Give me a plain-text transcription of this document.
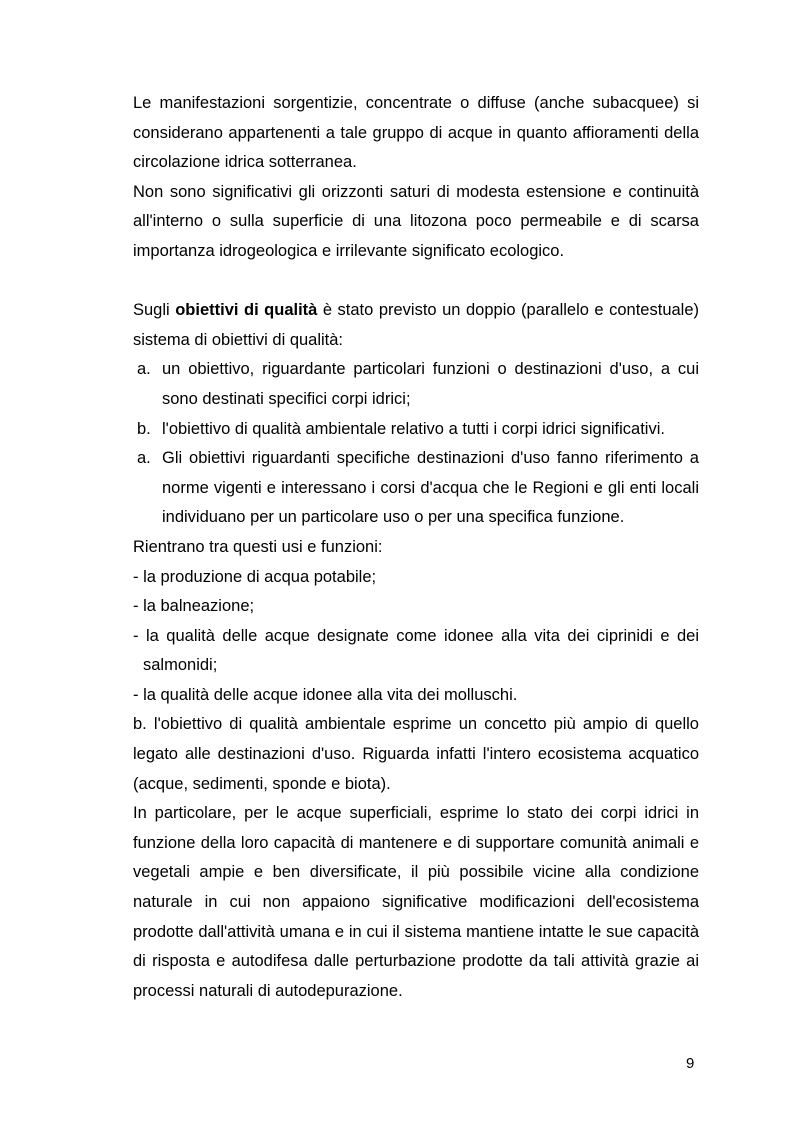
Le manifestazioni sorgentizie, concentrate o diffuse (anche subacquee) si considerano appartenenti a tale gruppo di acque in quanto affioramenti della circolazione idrica sotterranea.

Non sono significativi gli orizzonti saturi di modesta estensione e continuità all'interno o sulla superficie di una litozona poco permeabile e di scarsa importanza idrogeologica e irrilevante significato ecologico.

Sugli obiettivi di qualità è stato previsto un doppio (parallelo e contestuale) sistema di obiettivi di qualità:

a. un obiettivo, riguardante particolari funzioni o destinazioni d'uso, a cui sono destinati specifici corpi idrici;

b. l'obiettivo di qualità ambientale relativo a tutti i corpi idrici significativi.

a. Gli obiettivi riguardanti specifiche destinazioni d'uso fanno riferimento a norme vigenti e interessano i corsi d'acqua che le Regioni e gli enti locali individuano per un particolare uso o per una specifica funzione.

Rientrano tra questi usi e funzioni:

- la produzione di acqua potabile;

- la balneazione;

- la qualità delle acque designate come idonee alla vita dei ciprinidi e dei salmonidi;

- la qualità delle acque idonee alla vita dei molluschi.

b. l'obiettivo di qualità ambientale esprime un concetto più ampio di quello legato alle destinazioni d'uso. Riguarda infatti l'intero ecosistema acquatico (acque, sedimenti, sponde e biota).

In particolare, per le acque superficiali, esprime lo stato dei corpi idrici in funzione della loro capacità di mantenere e di supportare comunità animali e vegetali ampie e ben diversificate, il più possibile vicine alla condizione naturale in cui non appaiono significative modificazioni dell'ecosistema prodotte dall'attività umana e in cui il sistema mantiene intatte le sue capacità di risposta e autodifesa dalle perturbazione prodotte da tali attività grazie ai processi naturali di autodepurazione.

9
